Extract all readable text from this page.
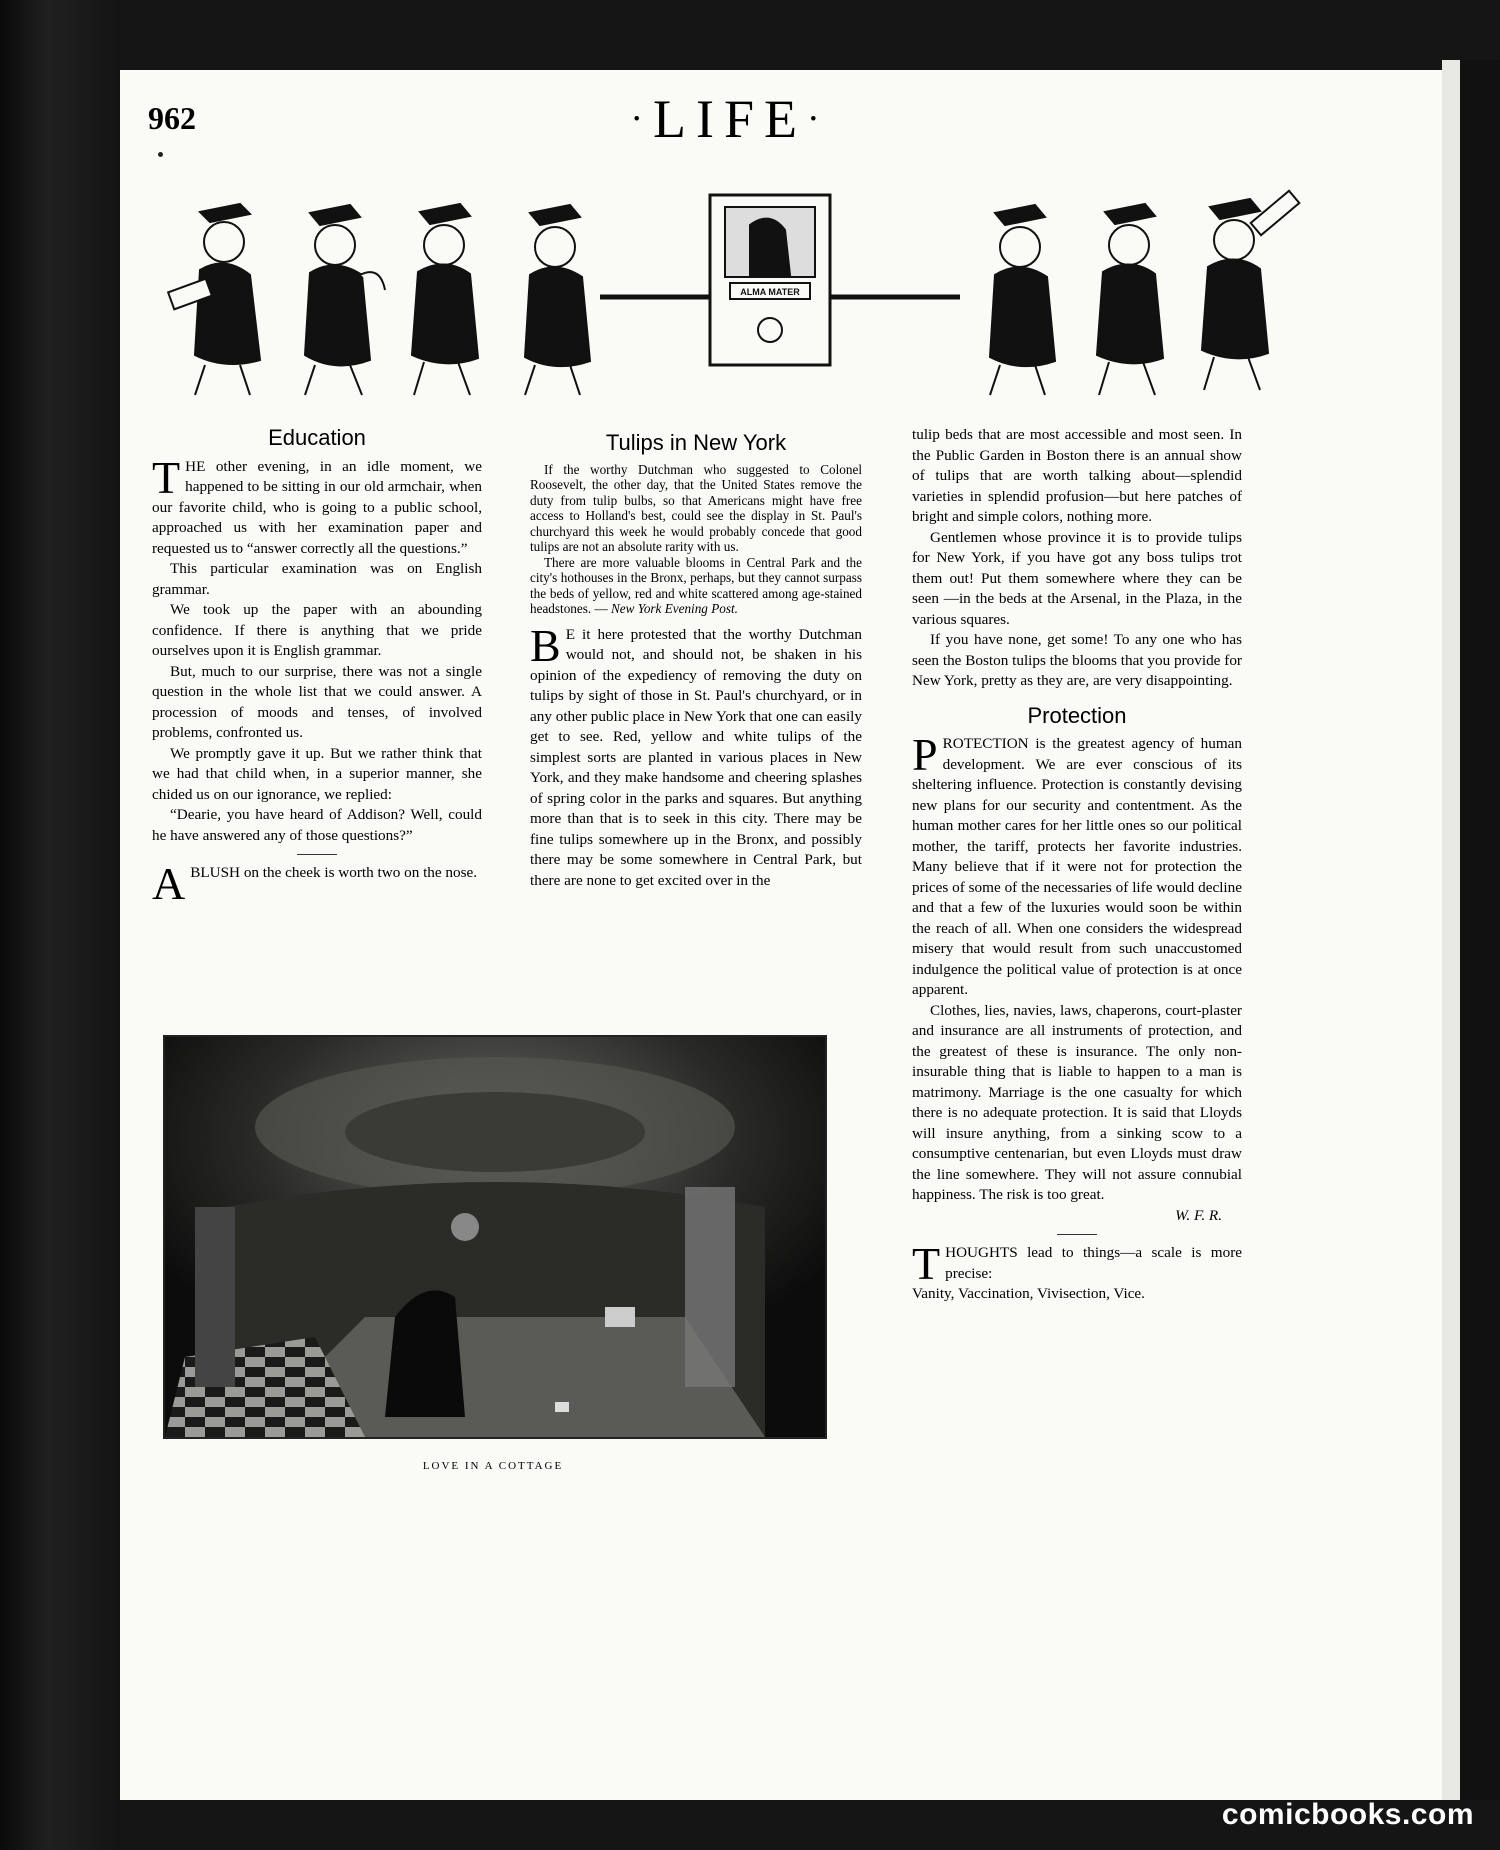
962	·LIFE·
ALMA MATER
Education

THE other evening, in an idle moment, we happened to be sitting in our old armchair, when our favorite child, who is going to a public school, approached us with her examination paper and requested us to “answer correctly all the questions.”

This particular examination was on English grammar.

We took up the paper with an abounding confidence. If there is anything that we pride ourselves upon it is English grammar.

But, much to our surprise, there was not a single question in the whole list that we could answer. A procession of moods and tenses, of involved problems, confronted us.

We promptly gave it up. But we rather think that we had that child when, in a superior manner, she chided us on our ignorance, we replied:

“Dearie, you have heard of Addison? Well, could he have answered any of those questions?”

ABLUSH on the cheek is worth two on the nose.

Tulips in New York

If the worthy Dutchman who suggested to Colonel Roosevelt, the other day, that the United States remove the duty from tulip bulbs, so that Americans might have free access to Holland's best, could see the display in St. Paul's churchyard this week he would probably concede that good tulips are not an absolute rarity with us.

There are more valuable blooms in Central Park and the city's hothouses in the Bronx, perhaps, but they cannot surpass the beds of yellow, red and white scattered among age-stained headstones. — New York Evening Post.

B E it here protested that the worthy Dutchman would not, and should not, be shaken in his opinion of the expediency of removing the duty on tulips by sight of those in St. Paul's churchyard, or in any other public place in New York that one can easily get to see. Red, yellow and white tulips of the simplest sorts are planted in various places in New York, and they make handsome and cheering splashes of spring color in the parks and squares. But anything more than that is to seek in this city. There may be fine tulips somewhere up in the Bronx, and possibly there may be some somewhere in Central Park, but there are none to get excited over in the

tulip beds that are most accessible and most seen. In the Public Garden in Boston there is an annual show of tulips that are worth talking about—splendid varieties in splendid profusion—but here patches of bright and simple colors, nothing more.

Gentlemen whose province it is to provide tulips for New York, if you have got any boss tulips trot them out! Put them somewhere where they can be seen —in the beds at the Arsenal, in the Plaza, in the various squares.

If you have none, get some! To any one who has seen the Boston tulips the blooms that you provide for New York, pretty as they are, are very disappointing.

Protection

PROTECTION is the greatest agency of human development. We are ever conscious of its sheltering influence. Protection is constantly devising new plans for our security and contentment. As the human mother cares for her little ones so our political mother, the tariff, protects her favorite industries. Many believe that if it were not for protection the prices of some of the necessaries of life would decline and that a few of the luxuries would soon be within the reach of all. When one considers the widespread misery that would result from such unaccustomed indulgence the political value of protection is at once apparent.

Clothes, lies, navies, laws, chaperons, court-plaster and insurance are all instruments of protection, and the greatest of these is insurance. The only non-insurable thing that is liable to happen to a man is matrimony. Marriage is the one casualty for which there is no adequate protection. It is said that Lloyds will insure anything, from a sinking scow to a consumptive centenarian, but even Lloyds must draw the line somewhere. They will not assure connubial happiness. The risk is too great.

W. F. R.

THOUGHTS lead to things—a scale is more precise:

Vanity, Vaccination, Vivisection, Vice.

LOVE IN A COTTAGE
comicbooks.com
